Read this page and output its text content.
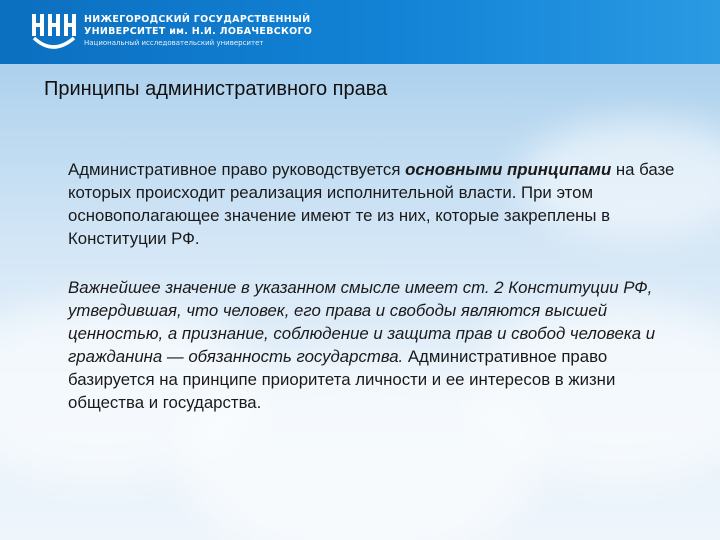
НИЖЕГОРОДСКИЙ ГОСУДАРСТВЕННЫЙ
УНИВЕРСИТЕТ им. Н.И. ЛОБАЧЕВСКОГО
Национальный исследовательский университет
Принципы административного права

Административное право руководствуется основными принципами на базе которых происходит реализация исполнительной власти. При этом основополагающее значение имеют те из них, которые закреплены в Конституции РФ.

Важнейшее значение в указанном смысле имеет ст. 2 Конституции РФ, утвердившая, что человек, его права и свободы являются высшей ценностью, а признание, соблюдение и защита прав и свобод человека и гражданина — обязанность государства. Административное право базируется на принципе приоритета личности и ее интересов в жизни общества и государства.
